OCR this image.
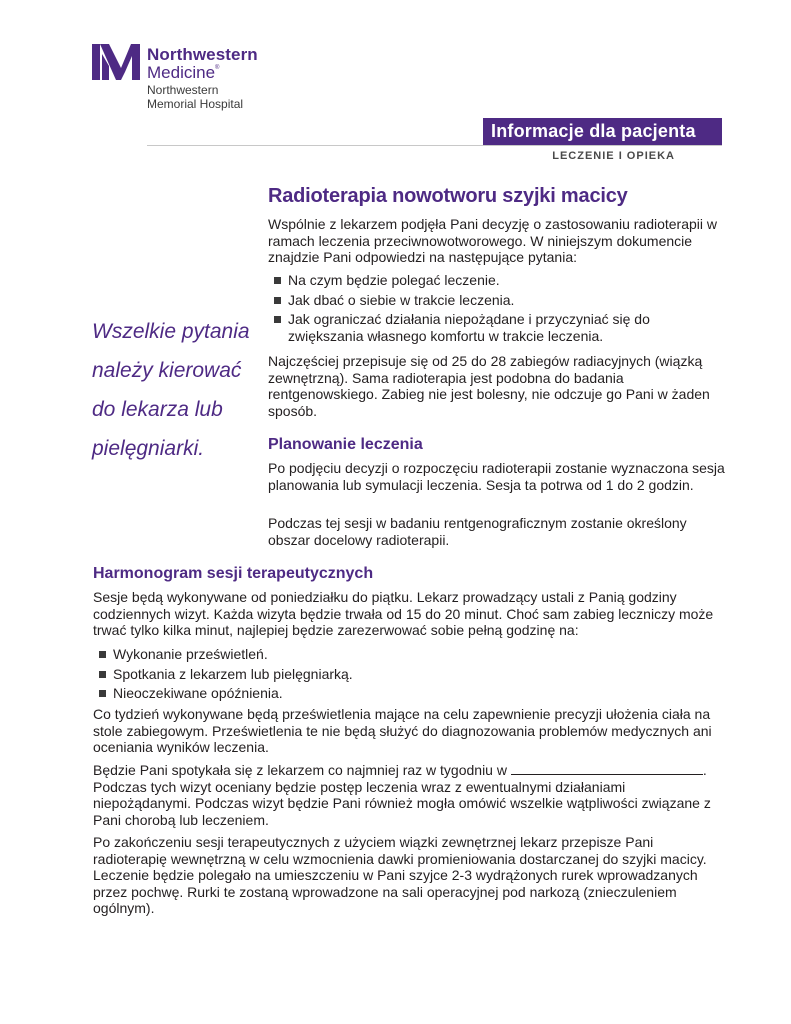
Northwestern
Medicine®
Northwestern
Memorial Hospital
Informacje dla pacjenta
LECZENIE I OPIEKA
Wszelkie pytania
należy kierować
do lekarza lub
pielęgniarki.
Radioterapia nowotworu szyjki macicy
Wspólnie z lekarzem podjęła Pani decyzję o zastosowaniu radioterapii w ramach leczenia przeciwnowotworowego. W niniejszym dokumencie znajdzie Pani odpowiedzi na następujące pytania:
Na czym będzie polegać leczenie.
Jak dbać o siebie w trakcie leczenia.
Jak ograniczać działania niepożądane i przyczyniać się do zwiększania własnego komfortu w trakcie leczenia.
Najczęściej przepisuje się od 25 do 28 zabiegów radiacyjnych (wiązką zewnętrzną). Sama radioterapia jest podobna do badania rentgenowskiego. Zabieg nie jest bolesny, nie odczuje go Pani w żaden sposób.
Planowanie leczenia
Po podjęciu decyzji o rozpoczęciu radioterapii zostanie wyznaczona sesja planowania lub symulacji leczenia. Sesja ta potrwa od 1 do 2 godzin.
Podczas tej sesji w badaniu rentgenograficznym zostanie określony obszar docelowy radioterapii.
Harmonogram sesji terapeutycznych
Sesje będą wykonywane od poniedziałku do piątku. Lekarz prowadzący ustali z Panią godziny codziennych wizyt. Każda wizyta będzie trwała od 15 do 20 minut. Choć sam zabieg leczniczy może trwać tylko kilka minut, najlepiej będzie zarezerwować sobie pełną godzinę na:
Wykonanie prześwietleń.
Spotkania z lekarzem lub pielęgniarką.
Nieoczekiwane opóźnienia.
Co tydzień wykonywane będą prześwietlenia mające na celu zapewnienie precyzji ułożenia ciała na stole zabiegowym. Prześwietlenia te nie będą służyć do diagnozowania problemów medycznych ani oceniania wyników leczenia.
Będzie Pani spotykała się z lekarzem co najmniej raz w tygodniu w	. Podczas tych wizyt oceniany będzie postęp leczenia wraz z ewentualnymi działaniami niepożądanymi. Podczas wizyt będzie Pani również mogła omówić wszelkie wątpliwości związane z Pani chorobą lub leczeniem.
Po zakończeniu sesji terapeutycznych z użyciem wiązki zewnętrznej lekarz przepisze Pani radioterapię wewnętrzną w celu wzmocnienia dawki promieniowania dostarczanej do szyjki macicy. Leczenie będzie polegało na umieszczeniu w Pani szyjce 2-3 wydrążonych rurek wprowadzanych przez pochwę. Rurki te zostaną wprowadzone na sali operacyjnej pod narkozą (znieczuleniem ogólnym).
